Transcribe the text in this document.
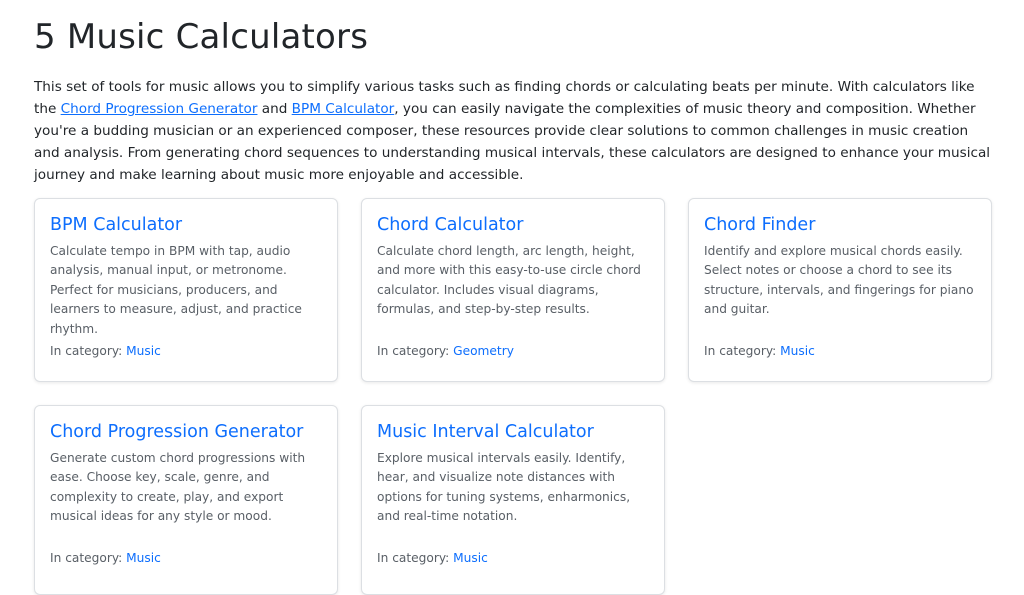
5 Music Calculators

This set of tools for music allows you to simplify various tasks such as finding chords or calculating beats per minute. With calculators like the Chord Progression Generator and BPM Calculator, you can easily navigate the complexities of music theory and composition. Whether you're a budding musician or an experienced composer, these resources provide clear solutions to common challenges in music creation and analysis. From generating chord sequences to understanding musical intervals, these calculators are designed to enhance your musical journey and make learning about music more enjoyable and accessible.

BPM Calculator

Calculate tempo in BPM with tap, audio analysis, manual input, or metronome. Perfect for musicians, producers, and learners to measure, adjust, and practice rhythm.

In category: Music
Chord Calculator

Calculate chord length, arc length, height, and more with this easy-to-use circle chord calculator. Includes visual diagrams, formulas, and step-by-step results.

In category: Geometry
Chord Finder

Identify and explore musical chords easily. Select notes or choose a chord to see its structure, intervals, and fingerings for piano and guitar.

In category: Music
Chord Progression Generator

Generate custom chord progressions with ease. Choose key, scale, genre, and complexity to create, play, and export musical ideas for any style or mood.

In category: Music
Music Interval Calculator

Explore musical intervals easily. Identify, hear, and visualize note distances with options for tuning systems, enharmonics, and real-time notation.

In category: Music
